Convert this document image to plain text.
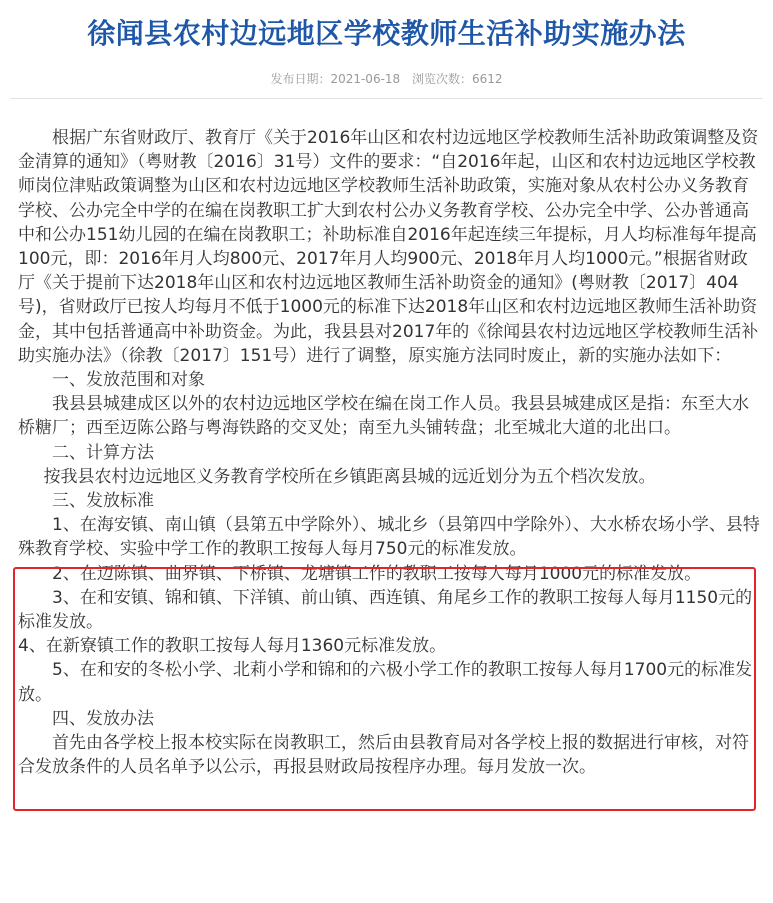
徐闻县农村边远地区学校教师生活补助实施办法
发布日期：2021-06-18 浏览次数：6612

根据广东省财政厅、教育厅《关于2016年山区和农村边远地区学校教师生活补助政策调整及资金清算的通知》（粤财教〔2016〕31号）文件的要求：“自2016年起，山区和农村边远地区学校教师岗位津贴政策调整为山区和农村边远地区学校教师生活补助政策，实施对象从农村公办义务教育学校、公办完全中学的在编在岗教职工扩大到农村公办义务教育学校、公办完全中学、公办普通高中和公办151幼儿园的在编在岗教职工；补助标准自2016年起连续三年提标，月人均标准每年提高100元，即：2016年月人均800元、2017年月人均900元、2018年月人均1000元。”根据省财政厅《关于提前下达2018年山区和农村边远地区教师生活补助资金的通知》(粤财教〔2017〕404号)，省财政厅已按人均每月不低于1000元的标准下达2018年山区和农村边远地区教师生活补助资金，其中包括普通高中补助资金。为此，我县县对2017年的《徐闻县农村边远地区学校教师生活补助实施办法》（徐教〔2017〕151号）进行了调整，原实施方法同时废止，新的实施办法如下：

一、发放范围和对象

我县县城建成区以外的农村边远地区学校在编在岗工作人员。我县县城建成区是指：东至大水桥糖厂；西至迈陈公路与粤海铁路的交叉处；南至九头铺转盘；北至城北大道的北出口。

二、计算方法

按我县农村边远地区义务教育学校所在乡镇距离县城的远近划分为五个档次发放。

三、发放标准

1、在海安镇、南山镇（县第五中学除外）、城北乡（县第四中学除外）、大水桥农场小学、县特殊教育学校、实验中学工作的教职工按每人每月750元的标准发放。

2、在迈陈镇、曲界镇、下桥镇、龙塘镇工作的教职工按每人每月1000元的标准发放。

3、在和安镇、锦和镇、下洋镇、前山镇、西连镇、角尾乡工作的教职工按每人每月1150元的标准发放。

4、在新寮镇工作的教职工按每人每月1360元标准发放。

5、在和安的冬松小学、北莉小学和锦和的六极小学工作的教职工按每人每月1700元的标准发放。

四、发放办法

首先由各学校上报本校实际在岗教职工，然后由县教育局对各学校上报的数据进行审核，对符合发放条件的人员名单予以公示，再报县财政局按程序办理。每月发放一次。
